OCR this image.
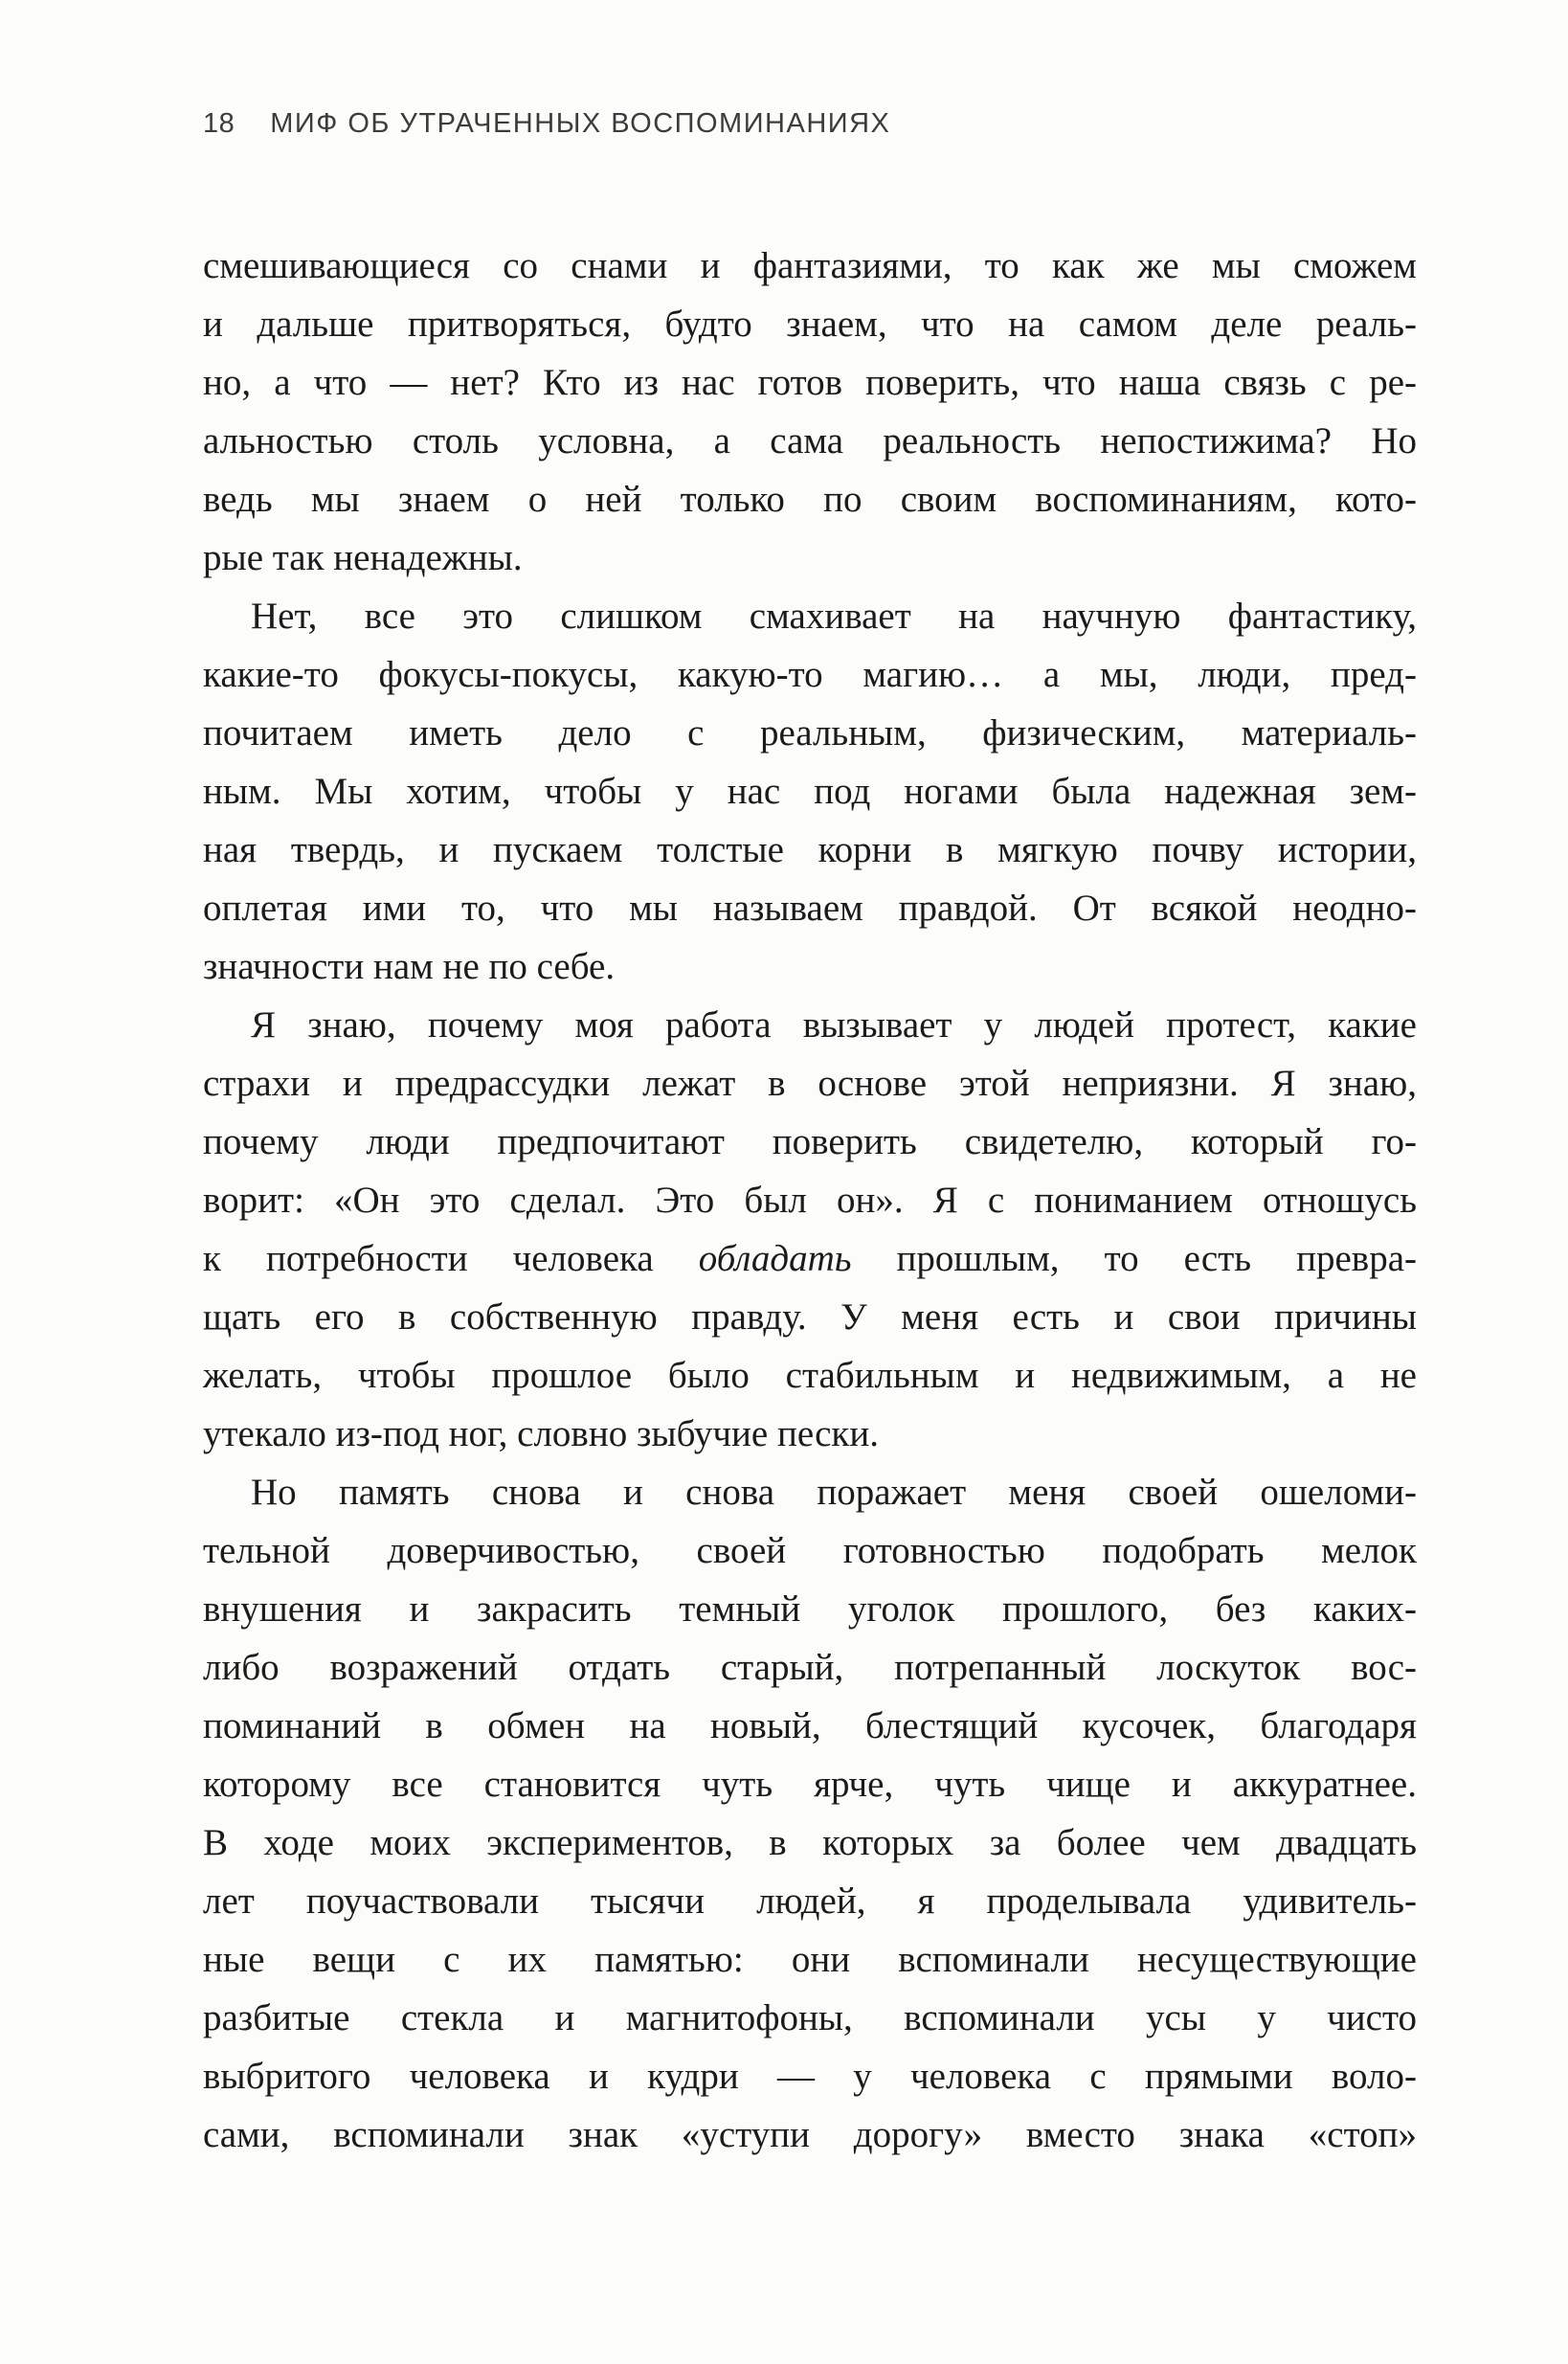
18 МИФ ОБ УТРАЧЕННЫХ ВОСПОМИНАНИЯХ
смешивающиеся со снами и фантазиями, то как же мы сможем
и дальше притворяться, будто знаем, что на самом деле реаль-
но, а что — нет? Кто из нас готов поверить, что наша связь с ре-
альностью столь условна, а сама реальность непостижима? Но
ведь мы знаем о ней только по своим воспоминаниям, кото-
рые так ненадежны.
Нет, все это слишком смахивает на научную фантастику,
какие-то фокусы-покусы, какую-то магию… а мы, люди, пред-
почитаем иметь дело с реальным, физическим, материаль-
ным. Мы хотим, чтобы у нас под ногами была надежная зем-
ная твердь, и пускаем толстые корни в мягкую почву истории,
оплетая ими то, что мы называем правдой. От всякой неодно-
значности нам не по себе.
Я знаю, почему моя работа вызывает у людей протест, какие
страхи и предрассудки лежат в основе этой неприязни. Я знаю,
почему люди предпочитают поверить свидетелю, который го-
ворит: «Он это сделал. Это был он». Я с пониманием отношусь
к потребности человека обладать прошлым, то есть превра-
щать его в собственную правду. У меня есть и свои причины
желать, чтобы прошлое было стабильным и недвижимым, а не
утекало из-под ног, словно зыбучие пески.
Но память снова и снова поражает меня своей ошеломи-
тельной доверчивостью, своей готовностью подобрать мелок
внушения и закрасить темный уголок прошлого, без каких-
либо возражений отдать старый, потрепанный лоскуток вос-
поминаний в обмен на новый, блестящий кусочек, благодаря
которому все становится чуть ярче, чуть чище и аккуратнее.
В ходе моих экспериментов, в которых за более чем двадцать
лет поучаствовали тысячи людей, я проделывала удивитель-
ные вещи с их памятью: они вспоминали несуществующие
разбитые стекла и магнитофоны, вспоминали усы у чисто
выбритого человека и кудри — у человека с прямыми воло-
сами, вспоминали знак «уступи дорогу» вместо знака «стоп»
